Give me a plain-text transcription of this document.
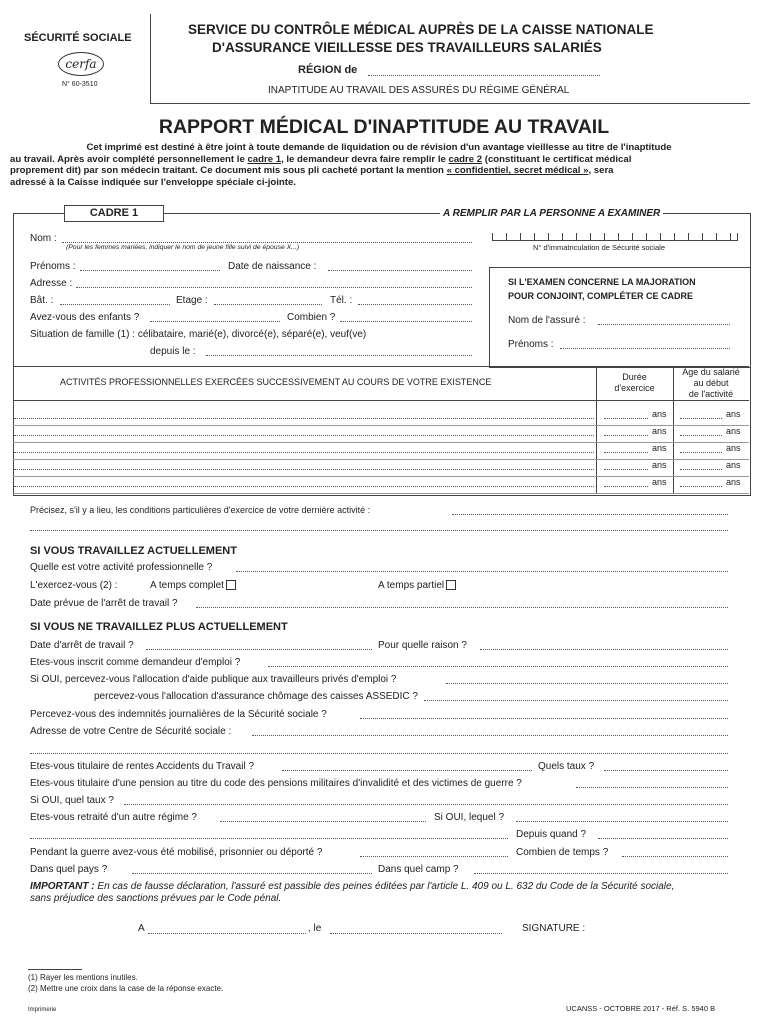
SÉCURITÉ SOCIALE
cerfa
N° 60-3510
SERVICE DU CONTRÔLE MÉDICAL AUPRÈS DE LA CAISSE NATIONALE
D'ASSURANCE VIEILLESSE DES TRAVAILLEURS SALARIÉS
RÉGION de
INAPTITUDE AU TRAVAIL DES ASSURÉS DU RÉGIME GÉNÉRAL
RAPPORT MÉDICAL D'INAPTITUDE AU TRAVAIL
Cet imprimé est destiné à être joint à toute demande de liquidation ou de révision d'un avantage vieillesse au titre de l'inaptitude
au travail. Après avoir complété personnellement le cadre 1, le demandeur devra faire remplir le cadre 2 (constituant le certificat médical
proprement dit) par son médecin traitant. Ce document mis sous pli cacheté portant la mention « confidentiel, secret médical », sera
adressé à la Caisse indiquée sur l'enveloppe spéciale ci-jointe.
CADRE 1	A REMPLIR PAR LA PERSONNE A EXAMINER
Nom :
(Pour les femmes mariées, indiquer le nom de jeune fille suivi de épouse X...)	N° d'immatriculation de Sécurité sociale
Prénoms :	Date de naissance :
Adresse :
Bât. :	Etage :	Tél. :
Avez-vous des enfants ?	Combien ?
Situation de famille (1) : célibataire, marié(e), divorcé(e), séparé(e), veuf(ve)
depuis le :
SI L'EXAMEN CONCERNE LA MAJORATION
POUR CONJOINT, COMPLÉTER CE CADRE
Nom de l'assuré :
Prénoms :
ACTIVITÉS PROFESSIONNELLES EXERCÉES SUCCESSIVEMENT AU COURS DE VOTRE EXISTENCE	Durée
d'exercice
Age du salarié
au début
de l'activité
ans	ans
ans	ans
ans	ans
ans	ans
ans	ans
Précisez, s'il y a lieu, les conditions particulières d'exercice de votre dernière activité :
SI VOUS TRAVAILLEZ ACTUELLEMENT
Quelle est votre activité professionnelle ?
L'exercez-vous (2) :	A temps complet	A temps partiel
Date prévue de l'arrêt de travail ?
SI VOUS NE TRAVAILLEZ PLUS ACTUELLEMENT
Date d'arrêt de travail ?	Pour quelle raison ?
Etes-vous inscrit comme demandeur d'emploi ?
Si OUI, percevez-vous l'allocation d'aide publique aux travailleurs privés d'emploi ?
percevez-vous l'allocation d'assurance chômage des caisses ASSEDIC ?
Percevez-vous des indemnités journalières de la Sécurité sociale ?
Adresse de votre Centre de Sécurité sociale :
Etes-vous titulaire de rentes Accidents du Travail ?	Quels taux ?
Etes-vous titulaire d'une pension au titre du code des pensions militaires d'invalidité et des victimes de guerre ?
Si OUI, quel taux ?
Etes-vous retraité d'un autre régime ?	Si OUI, lequel ?
Depuis quand ?
Pendant la guerre avez-vous été mobilisé, prisonnier ou déporté ?	Combien de temps ?
Dans quel pays ?	Dans quel camp ?
IMPORTANT : En cas de fausse déclaration, l'assuré est passible des peines éditées par l'article L. 409 ou L. 632 du Code de la Sécurité sociale,
sans préjudice des sanctions prévues par le Code pénal.
A	, le	SIGNATURE :
(1) Rayer les mentions inutiles.
(2) Mettre une croix dans la case de la réponse exacte.
Imprimerie	UCANSS - OCTOBRE 2017 - Réf. S. 5940 B
